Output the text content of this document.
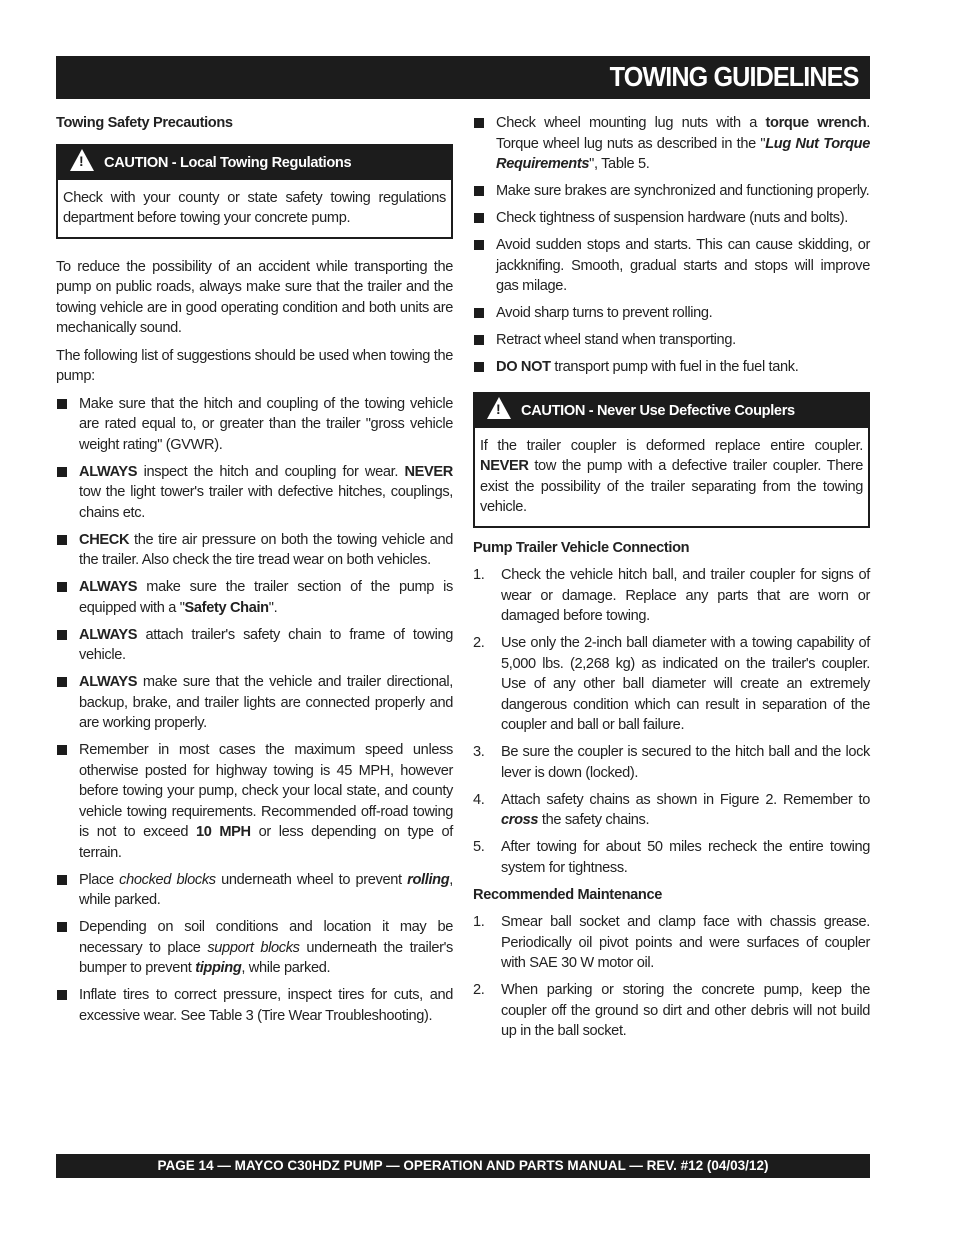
TOWING GUIDELINES
Towing Safety Precautions
! CAUTION - Local Towing Regulations
Check with your county or state safety towing regulations department before towing your concrete pump.

To reduce the possibility of an accident while transporting the pump on public roads, always make sure that the trailer and the towing vehicle are in good operating condition and both units are mechanically sound.

The following list of suggestions should be used when towing the pump:

Make sure that the hitch and coupling of the towing vehicle are rated equal to, or greater than the trailer "gross vehicle weight rating" (GVWR).
ALWAYS inspect the hitch and coupling for wear. NEVER tow the light tower's trailer with defective hitches, couplings, chains etc.
CHECK the tire air pressure on both the towing vehicle and the trailer. Also check the tire tread wear on both vehicles.
ALWAYS make sure the trailer section of the pump is equipped with a "Safety Chain".
ALWAYS attach trailer's safety chain to frame of towing vehicle.
ALWAYS make sure that the vehicle and trailer directional, backup, brake, and trailer lights are connected properly and are working properly.
Remember in most cases the maximum speed unless otherwise posted for highway towing is 45 MPH, however before towing your pump, check your local state, and county vehicle towing requirements. Recommended off-road towing is not to exceed 10 MPH or less depending on type of terrain.
Place chocked blocks underneath wheel to prevent rolling, while parked.
Depending on soil conditions and location it may be necessary to place support blocks underneath the trailer's bumper to prevent tipping, while parked.
Inflate tires to correct pressure, inspect tires for cuts, and excessive wear. See Table 3 (Tire Wear Troubleshooting).
Check wheel mounting lug nuts with a torque wrench. Torque wheel lug nuts as described in the "Lug Nut Torque Requirements", Table 5.
Make sure brakes are synchronized and functioning properly.
Check tightness of suspension hardware (nuts and bolts).
Avoid sudden stops and starts. This can cause skidding, or jackknifing. Smooth, gradual starts and stops will improve gas milage.
Avoid sharp turns to prevent rolling.
Retract wheel stand when transporting.
DO NOT transport pump with fuel in the fuel tank.
! CAUTION - Never Use Defective Couplers
If the trailer coupler is deformed replace entire coupler. NEVER tow the pump with a defective trailer coupler. There exist the possibility of the trailer separating from the towing vehicle.
Pump Trailer Vehicle Connection
1. Check the vehicle hitch ball, and trailer coupler for signs of wear or damage. Replace any parts that are worn or damaged before towing.
2. Use only the 2-inch ball diameter with a towing capability of 5,000 lbs. (2,268 kg) as indicated on the trailer's coupler. Use of any other ball diameter will create an extremely dangerous condition which can result in separation of the coupler and ball or ball failure.
3. Be sure the coupler is secured to the hitch ball and the lock lever is down (locked).
4. Attach safety chains as shown in Figure 2. Remember to cross the safety chains.
5. After towing for about 50 miles recheck the entire towing system for tightness.
Recommended Maintenance
1. Smear ball socket and clamp face with chassis grease. Periodically oil pivot points and were surfaces of coupler with SAE 30 W motor oil.
2. When parking or storing the concrete pump, keep the coupler off the ground so dirt and other debris will not build up in the ball socket.
PAGE 14 — MAYCO C30HDZ PUMP — OPERATION AND PARTS MANUAL — REV. #12 (04/03/12)
